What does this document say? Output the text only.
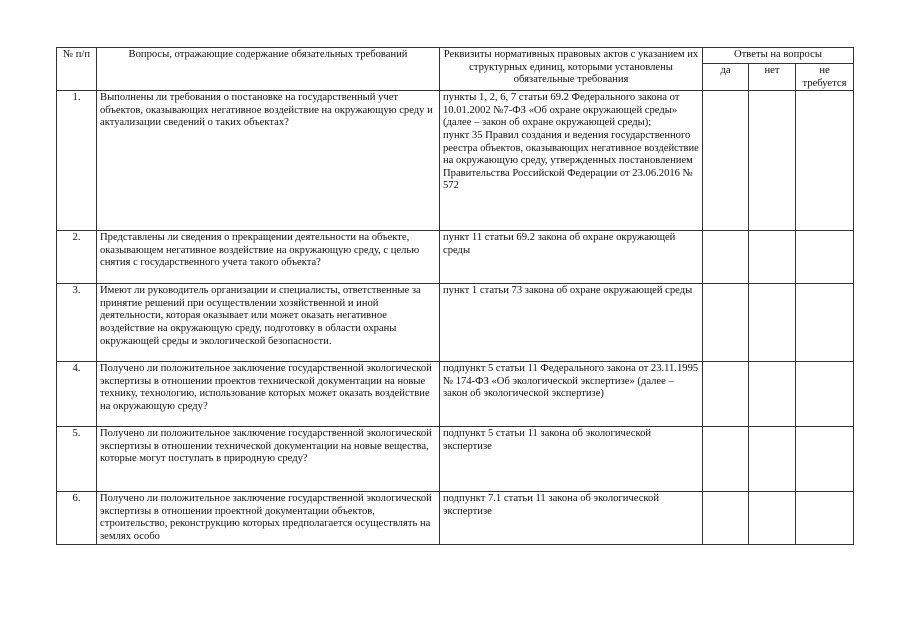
№ п/п	Вопросы, отражающие содержание обязательных требований	Реквизиты нормативных правовых актов с указанием их структурных единиц, которыми установлены обязательные требования	Ответы на вопросы		
			да	нет	не требуется
1.	Выполнены ли требования о постановке на государственный учет объектов, оказывающих негативное воздействие на окружающую среду и актуализации сведений о таких объектах?	пункты 1, 2, 6, 7 статьи 69.2 Федерального закона от 10.01.2002 №7-ФЗ «Об охране окружающей среды» (далее – закон об охране окружающей среды);
пункт 35 Правил создания и ведения государственного реестра объектов, оказывающих негативное воздействие на окружающую среду, утвержденных постановлением Правительства Российской Федерации от 23.06.2016 № 572			

2.	Представлены ли сведения о прекращении деятельности на объекте, оказывающем негативное воздействие на окружающую среду, с целью снятия с государственного учета такого объекта?	пункт 11 статьи 69.2 закона об охране окружающей среды			

3.	Имеют ли руководитель организации и специалисты, ответственные за принятие решений при осуществлении хозяйственной и иной деятельности, которая оказывает или может оказать негативное воздействие на окружающую среду, подготовку в области охраны окружающей среды и экологической безопасности.	пункт 1 статьи 73 закона об охране окружающей среды			

4.	Получено ли положительное заключение государственной экологической экспертизы в отношении проектов технической документации на новые технику, технологию, использование которых может оказать воздействие на окружающую среду?	подпункт 5 статьи 11 Федерального закона от 23.11.1995 № 174-ФЗ «Об экологической экспертизе» (далее – закон об экологической экспертизе)			

5.	Получено ли положительное заключение государственной экологической экспертизы в отношении технической документации на новые вещества, которые могут поступать в природную среду?	подпункт 5 статьи 11 закона об экологической экспертизе			

6.	Получено ли положительное заключение государственной экологической экспертизы в отношении проектной документации объектов, строительство, реконструкцию которых предполагается осуществлять на землях особо	подпункт 7.1 статьи 11 закона об экологической экспертизе			
